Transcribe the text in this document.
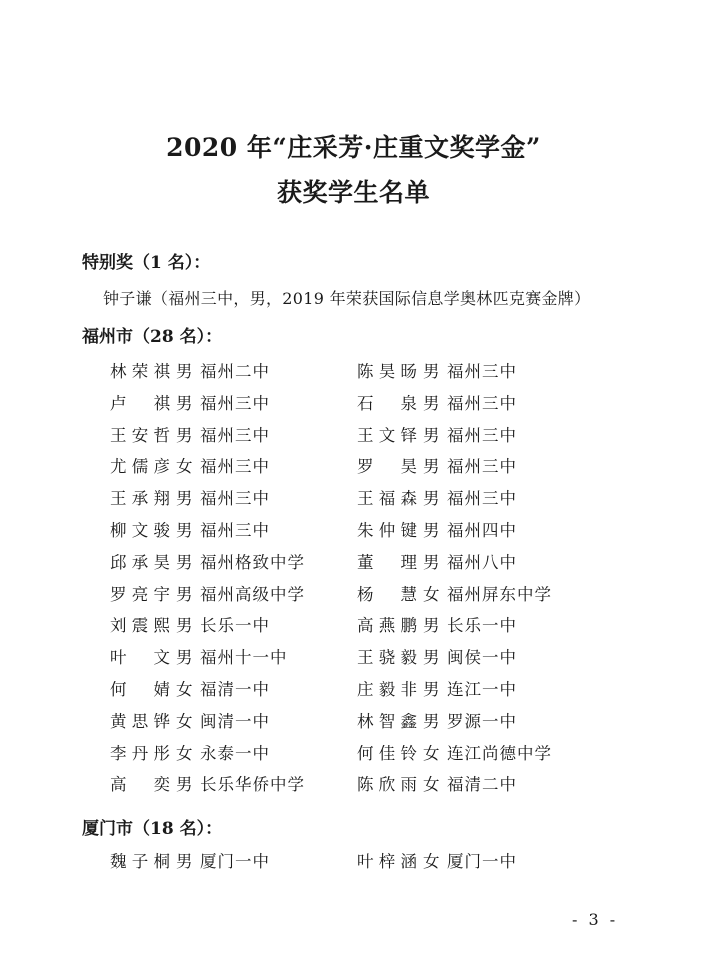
2020 年“庄采芳·庄重文奖学金”
获奖学生名单
特别奖（1 名）：
钟子谦（福州三中，男，2019 年荣获国际信息学奥林匹克赛金牌）
福州市（28 名）：
林荣祺 男 福州二中	陈昊旸 男 福州三中
卢祺 男 福州三中	石泉 男 福州三中
王安哲 男 福州三中	王文铎 男 福州三中
尤儒彦 女 福州三中	罗昊 男 福州三中
王承翔 男 福州三中	王福森 男 福州三中
柳文骏 男 福州三中	朱仲键 男 福州四中
邱承昊 男 福州格致中学	董理 男 福州八中
罗亮宇 男 福州高级中学	杨慧 女 福州屏东中学
刘震熙 男 长乐一中	高燕鹏 男 长乐一中
叶文 男 福州十一中	王骁毅 男 闽侯一中
何婧 女 福清一中	庄毅非 男 连江一中
黄思铧 女 闽清一中	林智鑫 男 罗源一中
李丹彤 女 永泰一中	何佳铃 女 连江尚德中学
高奕 男 长乐华侨中学	陈欣雨 女 福清二中
厦门市（18 名）：
魏子桐 男 厦门一中	叶梓涵 女 厦门一中
- 3 -
